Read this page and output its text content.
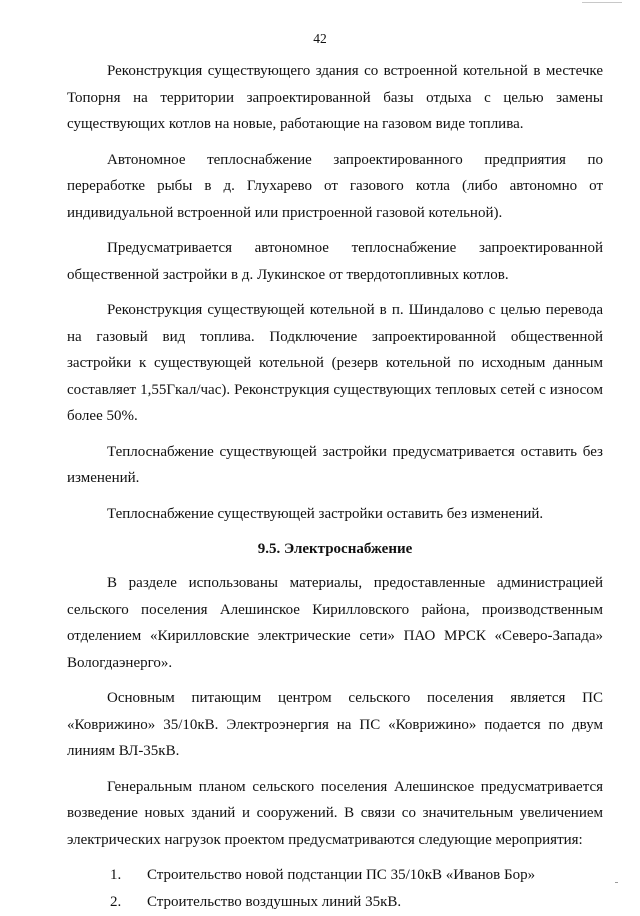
42

Реконструкция существующего здания со встроенной котельной в местечке Топорня на территории запроектированной базы отдыха с целью замены существующих котлов на новые, работающие на газовом виде топлива.

Автономное теплоснабжение запроектированного предприятия по переработке рыбы в д. Глухарево от газового котла (либо автономно от индивидуальной встроенной или пристроенной газовой котельной).

Предусматривается автономное теплоснабжение запроектированной общественной застройки в д. Лукинское от твердотопливных котлов.

Реконструкция существующей котельной в п. Шиндалово с целью перевода на газовый вид топлива. Подключение запроектированной общественной застройки к существующей котельной (резерв котельной по исходным данным составляет 1,55Гкал/час). Реконструкция существующих тепловых сетей с износом более 50%.

Теплоснабжение существующей застройки предусматривается оставить без изменений.

Теплоснабжение существующей застройки оставить без изменений.

9.5. Электроснабжение

В разделе использованы материалы, предоставленные администрацией сельского поселения Алешинское Кирилловского района, производственным отделением «Кирилловские электрические сети» ПАО МРСК «Северо-Запада» Вологдаэнерго».

Основным питающим центром сельского поселения является ПС «Коврижино» 35/10кВ. Электроэнергия на ПС «Коврижино» подается по двум линиям ВЛ-35кВ.

Генеральным планом сельского поселения Алешинское предусматривается возведение новых зданий и сооружений. В связи со значительным увеличением электрических нагрузок проектом предусматриваются следующие мероприятия:

1.	Строительство новой подстанции ПС 35/10кВ «Иванов Бор»
2.	Строительство воздушных линий 35кВ.
